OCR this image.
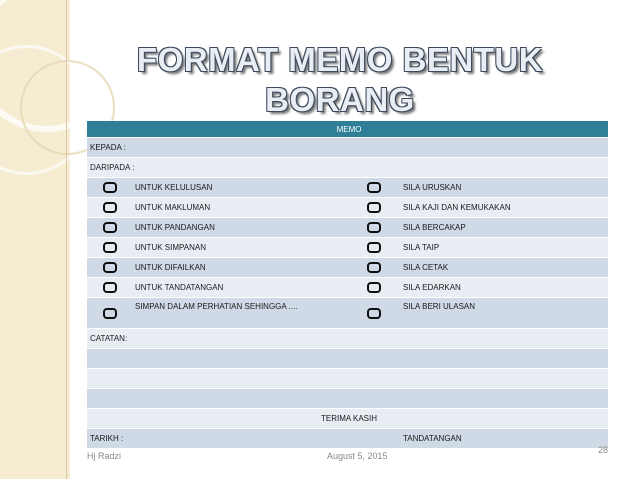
FORMAT MEMO BENTUK
BORANG
MEMO			
KEPADA :			
DARIPADA :			
	UNTUK KELULUSAN		SILA URUSKAN
	UNTUK MAKLUMAN		SILA KAJI DAN KEMUKAKAN
	UNTUK PANDANGAN		SILA BERCAKAP
	UNTUK SIMPANAN		SILA TAIP
	UNTUK DIFAILKAN		SILA CETAK
	UNTUK TANDATANGAN		SILA EDARKAN
	SIMPAN DALAM PERHATIAN SEHINGGA ....		SILA BERI ULASAN
CATATAN:			

TERIMA KASIH			
TARIKH :			TANDATANGAN
Hj Radzi	August 5, 2015
28
